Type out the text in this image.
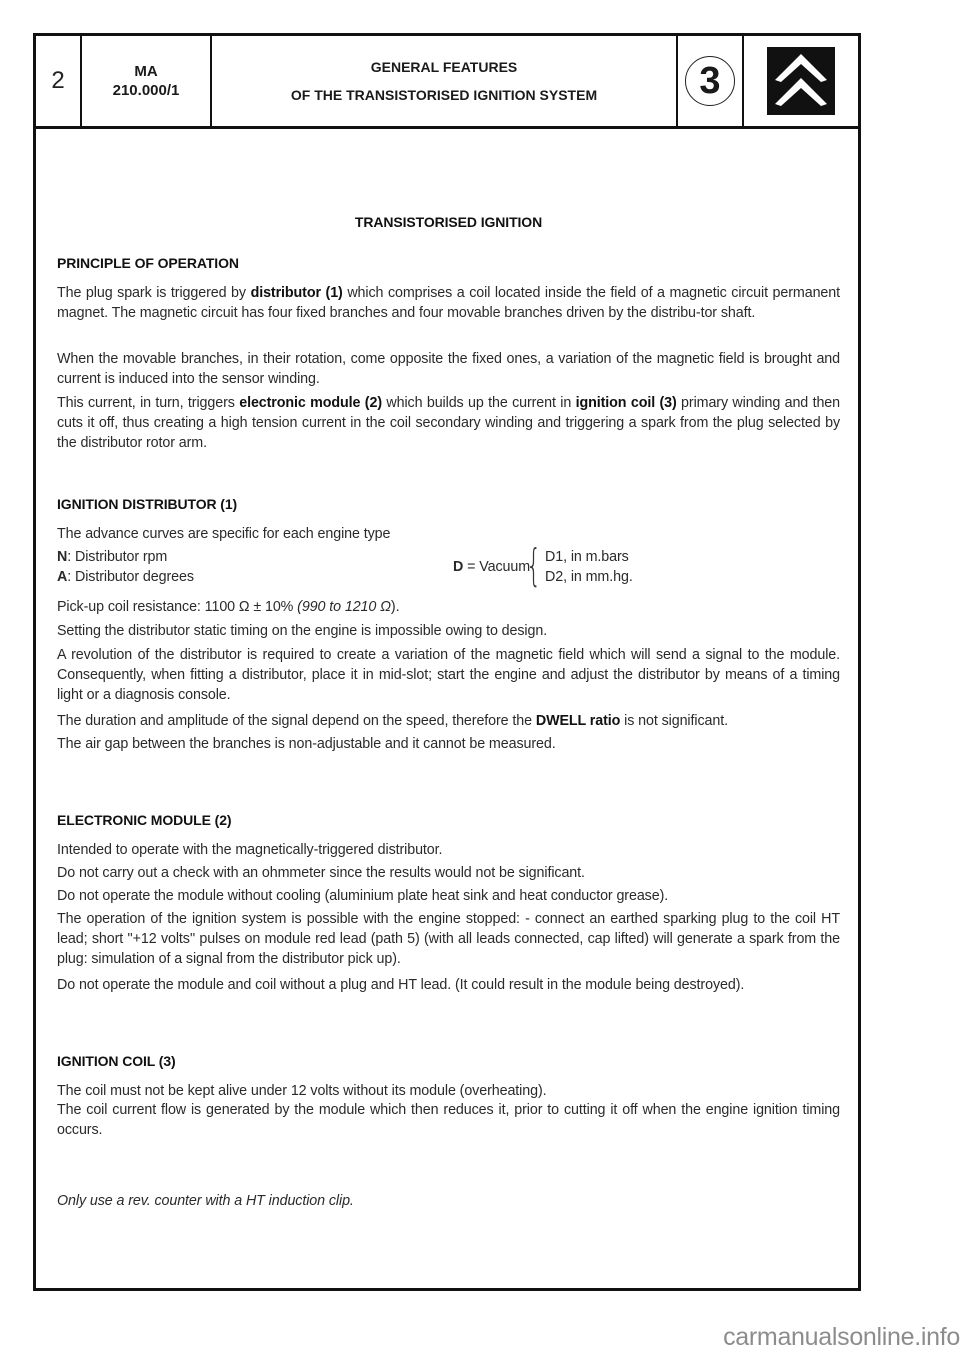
2	MA
210.000/1
GENERAL FEATURES
OF THE TRANSISTORISED IGNITION SYSTEM	3
TRANSISTORISED IGNITION
PRINCIPLE OF OPERATION

The plug spark is triggered by distributor (1) which comprises a coil located inside the field of a magnetic circuit permanent magnet. The magnetic circuit has four fixed branches and four movable branches driven by the distribu-tor shaft.

When the movable branches, in their rotation, come opposite the fixed ones, a variation of the magnetic field is brought and current is induced into the sensor winding.

This current, in turn, triggers electronic module (2) which builds up the current in ignition coil (3) primary winding and then cuts it off, thus creating a high tension current in the coil secondary winding and triggering a spark from the plug selected by the distributor rotor arm.

IGNITION DISTRIBUTOR (1)

The advance curves are specific for each engine type

N: Distributor rpm
A: Distributor degrees
D = Vacuum
{ D1, in m.bars
D2, in mm.hg.

Pick-up coil resistance: 1100 Ω ± 10% (990 to 1210 Ω).

Setting the distributor static timing on the engine is impossible owing to design.

A revolution of the distributor is required to create a variation of the magnetic field which will send a signal to the module. Consequently, when fitting a distributor, place it in mid-slot; start the engine and adjust the distributor by means of a timing light or a diagnosis console.

The duration and amplitude of the signal depend on the speed, therefore the DWELL ratio is not significant.

The air gap between the branches is non-adjustable and it cannot be measured.

ELECTRONIC MODULE (2)

Intended to operate with the magnetically-triggered distributor.

Do not carry out a check with an ohmmeter since the results would not be significant.

Do not operate the module without cooling (aluminium plate heat sink and heat conductor grease).

The operation of the ignition system is possible with the engine stopped: - connect an earthed sparking plug to the coil HT lead; short ''+12 volts'' pulses on module red lead (path 5) (with all leads connected, cap lifted) will generate a spark from the plug: simulation of a signal from the distributor pick up).

Do not operate the module and coil without a plug and HT lead. (It could result in the module being destroyed).

IGNITION COIL (3)

The coil must not be kept alive under 12 volts without its module (overheating).

The coil current flow is generated by the module which then reduces it, prior to cutting it off when the engine ignition timing occurs.

Only use a rev. counter with a HT induction clip.

carmanualsonline.info
